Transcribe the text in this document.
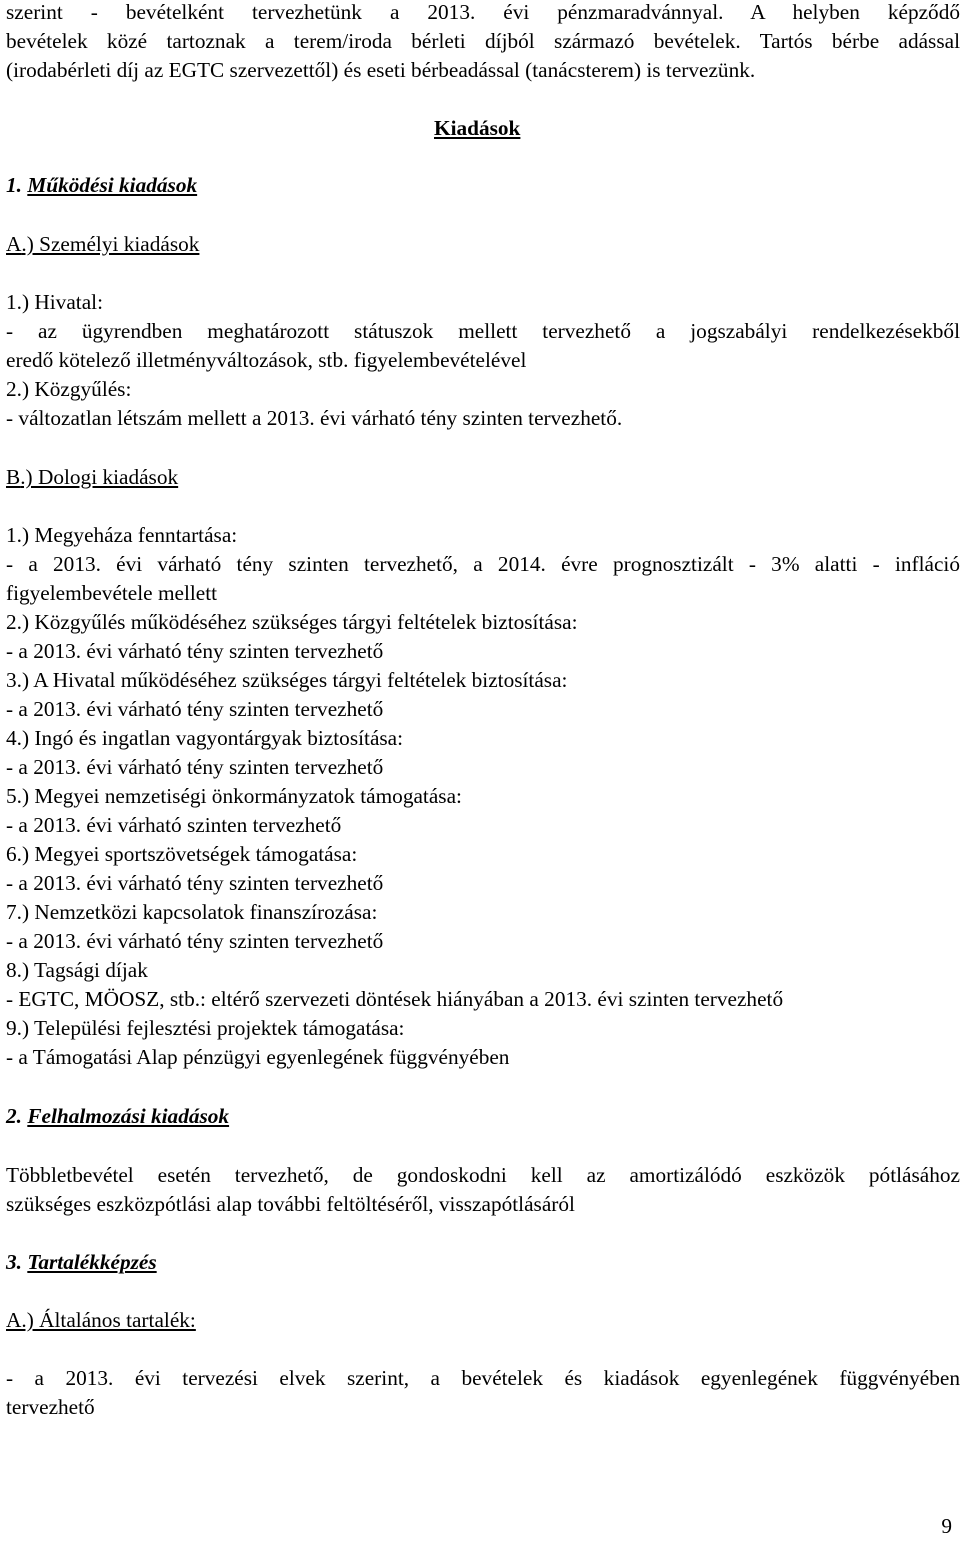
szerint - bevételként tervezhetünk a 2013. évi pénzmaradvánnyal. A helyben képződő
bevételek közé tartoznak a terem/iroda bérleti díjból származó bevételek. Tartós bérbe adással
(irodabérleti díj az EGTC szervezettől) és eseti bérbeadással (tanácsterem) is tervezünk.
Kiadások
1. Működési kiadások
A.) Személyi kiadások
1.) Hivatal:
- az ügyrendben meghatározott státuszok mellett tervezhető a jogszabályi rendelkezésekből
eredő kötelező illetményváltozások, stb. figyelembevételével
2.) Közgyűlés:
- változatlan létszám mellett a 2013. évi várható tény szinten tervezhető.
B.) Dologi kiadások
1.) Megyeháza fenntartása:
- a 2013. évi várható tény szinten tervezhető, a 2014. évre prognosztizált - 3% alatti - infláció
figyelembevétele mellett
2.) Közgyűlés működéséhez szükséges tárgyi feltételek biztosítása:
- a 2013. évi várható tény szinten tervezhető
3.) A Hivatal működéséhez szükséges tárgyi feltételek biztosítása:
- a 2013. évi várható tény szinten tervezhető
4.) Ingó és ingatlan vagyontárgyak biztosítása:
- a 2013. évi várható tény szinten tervezhető
5.) Megyei nemzetiségi önkormányzatok támogatása:
- a 2013. évi várható szinten tervezhető
6.) Megyei sportszövetségek támogatása:
- a 2013. évi várható tény szinten tervezhető
7.) Nemzetközi kapcsolatok finanszírozása:
- a 2013. évi várható tény szinten tervezhető
8.) Tagsági díjak
- EGTC, MÖOSZ, stb.: eltérő szervezeti döntések hiányában a 2013. évi szinten tervezhető
9.) Települési fejlesztési projektek támogatása:
- a Támogatási Alap pénzügyi egyenlegének függvényében
2. Felhalmozási kiadások
Többletbevétel esetén tervezhető, de gondoskodni kell az amortizálódó eszközök pótlásához
szükséges eszközpótlási alap további feltöltéséről, visszapótlásáról
3. Tartalékképzés
A.) Általános tartalék:
- a 2013. évi tervezési elvek szerint, a bevételek és kiadások egyenlegének függvényében
tervezhető
9
